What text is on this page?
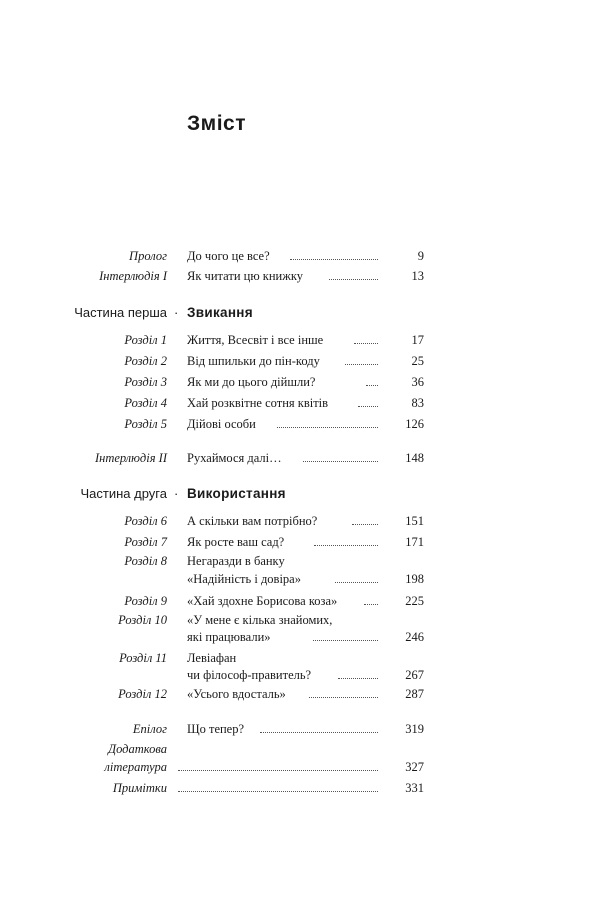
Зміст
Пролог До чого це все?	9
Інтерлюдія I Як читати цю книжку	13
Частина перша · Звикання
Розділ 1 Життя, Всесвіт і все інше	17
Розділ 2 Від шпильки до пін-коду	25
Розділ 3 Як ми до цього дійшли?	36
Розділ 4 Хай розквітне сотня квітів	83
Розділ 5 Дійові особи	126
Інтерлюдія II Рухаймося далі…	148
Частина друга · Використання
Розділ 6 А скільки вам потрібно?	151
Розділ 7 Як росте ваш сад?	171
Розділ 8 Негаразди в банку
«Надійність і довіра»	198
Розділ 9 «Хай здохне Борисова коза»	225
Розділ 10 «У мене є кілька знайомих,
які працювали»	246
Розділ 11 Левіафан
чи філософ-правитель?	267
Розділ 12 «Усього вдосталь»	287
Епілог Що тепер?	319
Додаткова
література	327
Примітки	331
